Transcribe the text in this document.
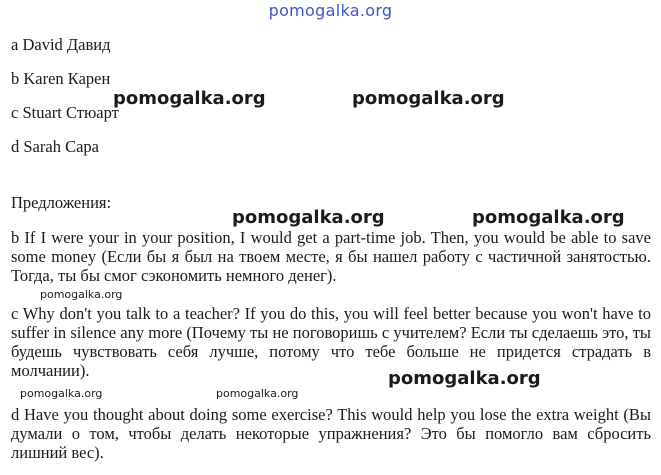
pomogalka.org
a David Давид
b Karen Карен
c Stuart Стюарт
d Sarah Сара
Предложения:
b If I were your in your position, I would get a part-time job. Then, you would be able to save some money (Если бы я был на твоем месте, я бы нашел работу с частичной занятостью. Тогда, ты бы смог сэкономить немного денег).
c Why don't you talk to a teacher? If you do this, you will feel better because you won't have to suffer in silence any more (Почему ты не поговоришь с учителем? Если ты сделаешь это, ты будешь чувствовать себя лучше, потому что тебе больше не придется страдать в молчании).
d Have you thought about doing some exercise? This would help you lose the extra weight (Вы думали о том, чтобы делать некоторые упражнения? Это бы помогло вам сбросить лишний вес).
pomogalka.org	pomogalka.org
pomogalka.org	pomogalka.org
pomogalka.org
pomogalka.org
pomogalka.org	pomogalka.org
